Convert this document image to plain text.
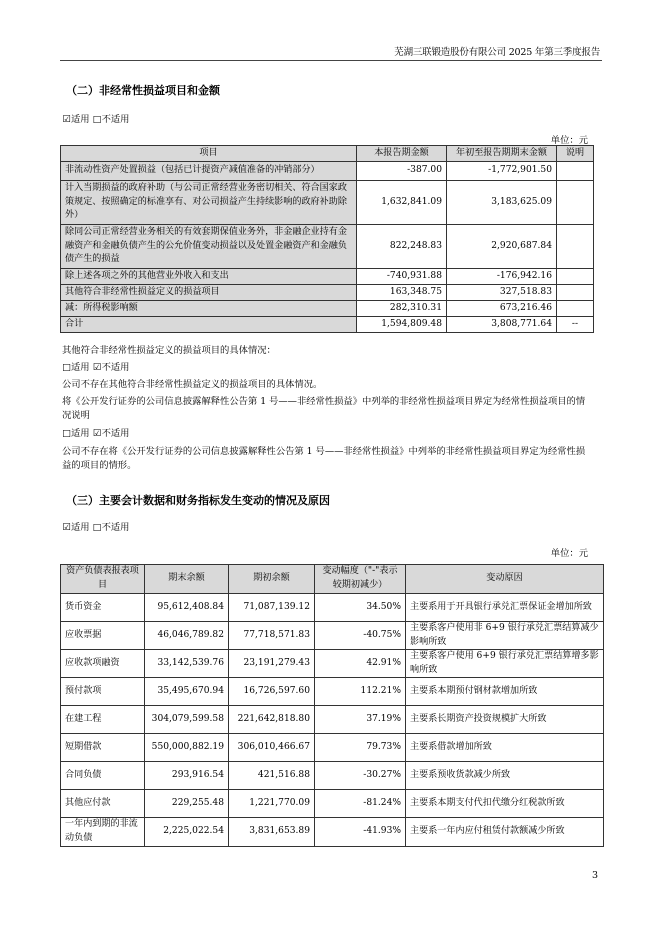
芜湖三联锻造股份有限公司 2025 年第三季度报告
（二）非经常性损益项目和金额
☑适用 □不适用
单位：元
项目	本报告期金额	年初至报告期期末金额	说明
非流动性资产处置损益（包括已计提资产减值准备的冲销部分）	-387.00	-1,772,901.50	
计入当期损益的政府补助（与公司正常经营业务密切相关、符合国家政策规定、按照确定的标准享有、对公司损益产生持续影响的政府补助除外）	1,632,841.09	3,183,625.09	
除同公司正常经营业务相关的有效套期保值业务外，非金融企业持有金融资产和金融负债产生的公允价值变动损益以及处置金融资产和金融负债产生的损益	822,248.83	2,920,687.84	
除上述各项之外的其他营业外收入和支出	-740,931.88	-176,942.16	
其他符合非经常性损益定义的损益项目	163,348.75	327,518.83	
减：所得税影响额	282,310.31	673,216.46	
合计	1,594,809.48	3,808,771.64	--
其他符合非经常性损益定义的损益项目的具体情况：
□适用 ☑不适用
公司不存在其他符合非经常性损益定义的损益项目的具体情况。
将《公开发行证券的公司信息披露解释性公告第 1 号——非经常性损益》中列举的非经常性损益项目界定为经常性损益项目的情况说明
□适用 ☑不适用
公司不存在将《公开发行证券的公司信息披露解释性公告第 1 号——非经常性损益》中列举的非经常性损益项目界定为经常性损益的项目的情形。
（三）主要会计数据和财务指标发生变动的情况及原因
☑适用 □不适用
单位：元
资产负债表报表项目	期末余额	期初余额	变动幅度（"-"表示较期初减少）	变动原因
货币资金	95,612,408.84	71,087,139.12	34.50%	主要系用于开具银行承兑汇票保证金增加所致
应收票据	46,046,789.82	77,718,571.83	-40.75%	主要系客户使用非 6+9 银行承兑汇票结算减少影响所致
应收款项融资	33,142,539.76	23,191,279.43	42.91%	主要系客户使用 6+9 银行承兑汇票结算增多影响所致
预付款项	35,495,670.94	16,726,597.60	112.21%	主要系本期预付钢材款增加所致
在建工程	304,079,599.58	221,642,818.80	37.19%	主要系长期资产投资规模扩大所致
短期借款	550,000,882.19	306,010,466.67	79.73%	主要系借款增加所致
合同负债	293,916.54	421,516.88	-30.27%	主要系预收货款减少所致
其他应付款	229,255.48	1,221,770.09	-81.24%	主要系本期支付代扣代缴分红税款所致
一年内到期的非流动负债	2,225,022.54	3,831,653.89	-41.93%	主要系一年内应付租赁付款额减少所致
3
